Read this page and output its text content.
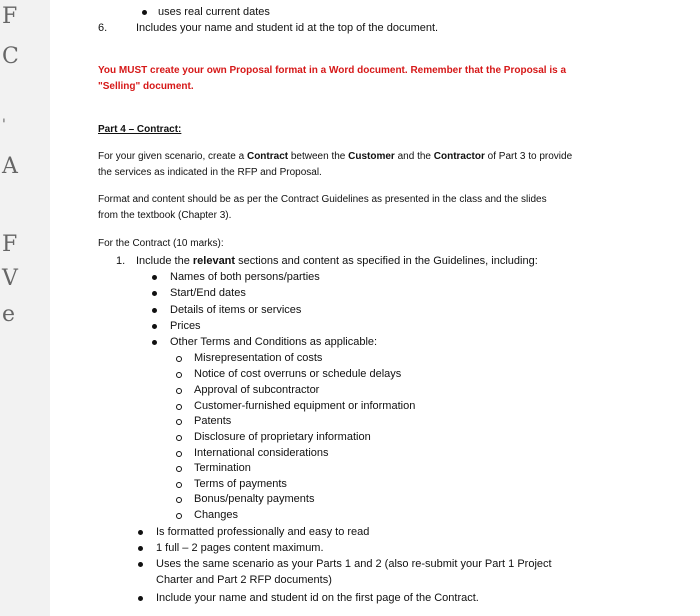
F
C
'
A
F
V
e
uses real current dates
6.	Includes your name and student id at the top of the document.
You MUST create your own Proposal format in a Word document. Remember that the Proposal is a
"Selling" document.
Part 4 – Contract:
For your given scenario, create a Contract between the Customer and the Contractor of Part 3 to provide
the services as indicated in the RFP and Proposal.
Format and content should be as per the Contract Guidelines as presented in the class and the slides
from the textbook (Chapter 3).
For the Contract (10 marks):
1. Include the relevant sections and content as specified in the Guidelines, including:
Names of both persons/parties
Start/End dates
Details of items or services
Prices
Other Terms and Conditions as applicable:
Misrepresentation of costs
Notice of cost overruns or schedule delays
Approval of subcontractor
Customer-furnished equipment or information
Patents
Disclosure of proprietary information
International considerations
Termination
Terms of payments
Bonus/penalty payments
Changes
Is formatted professionally and easy to read
1 full – 2 pages content maximum.
Uses the same scenario as your Parts 1 and 2 (also re-submit your Part 1 Project
Charter and Part 2 RFP documents)
Include your name and student id on the first page of the Contract.
